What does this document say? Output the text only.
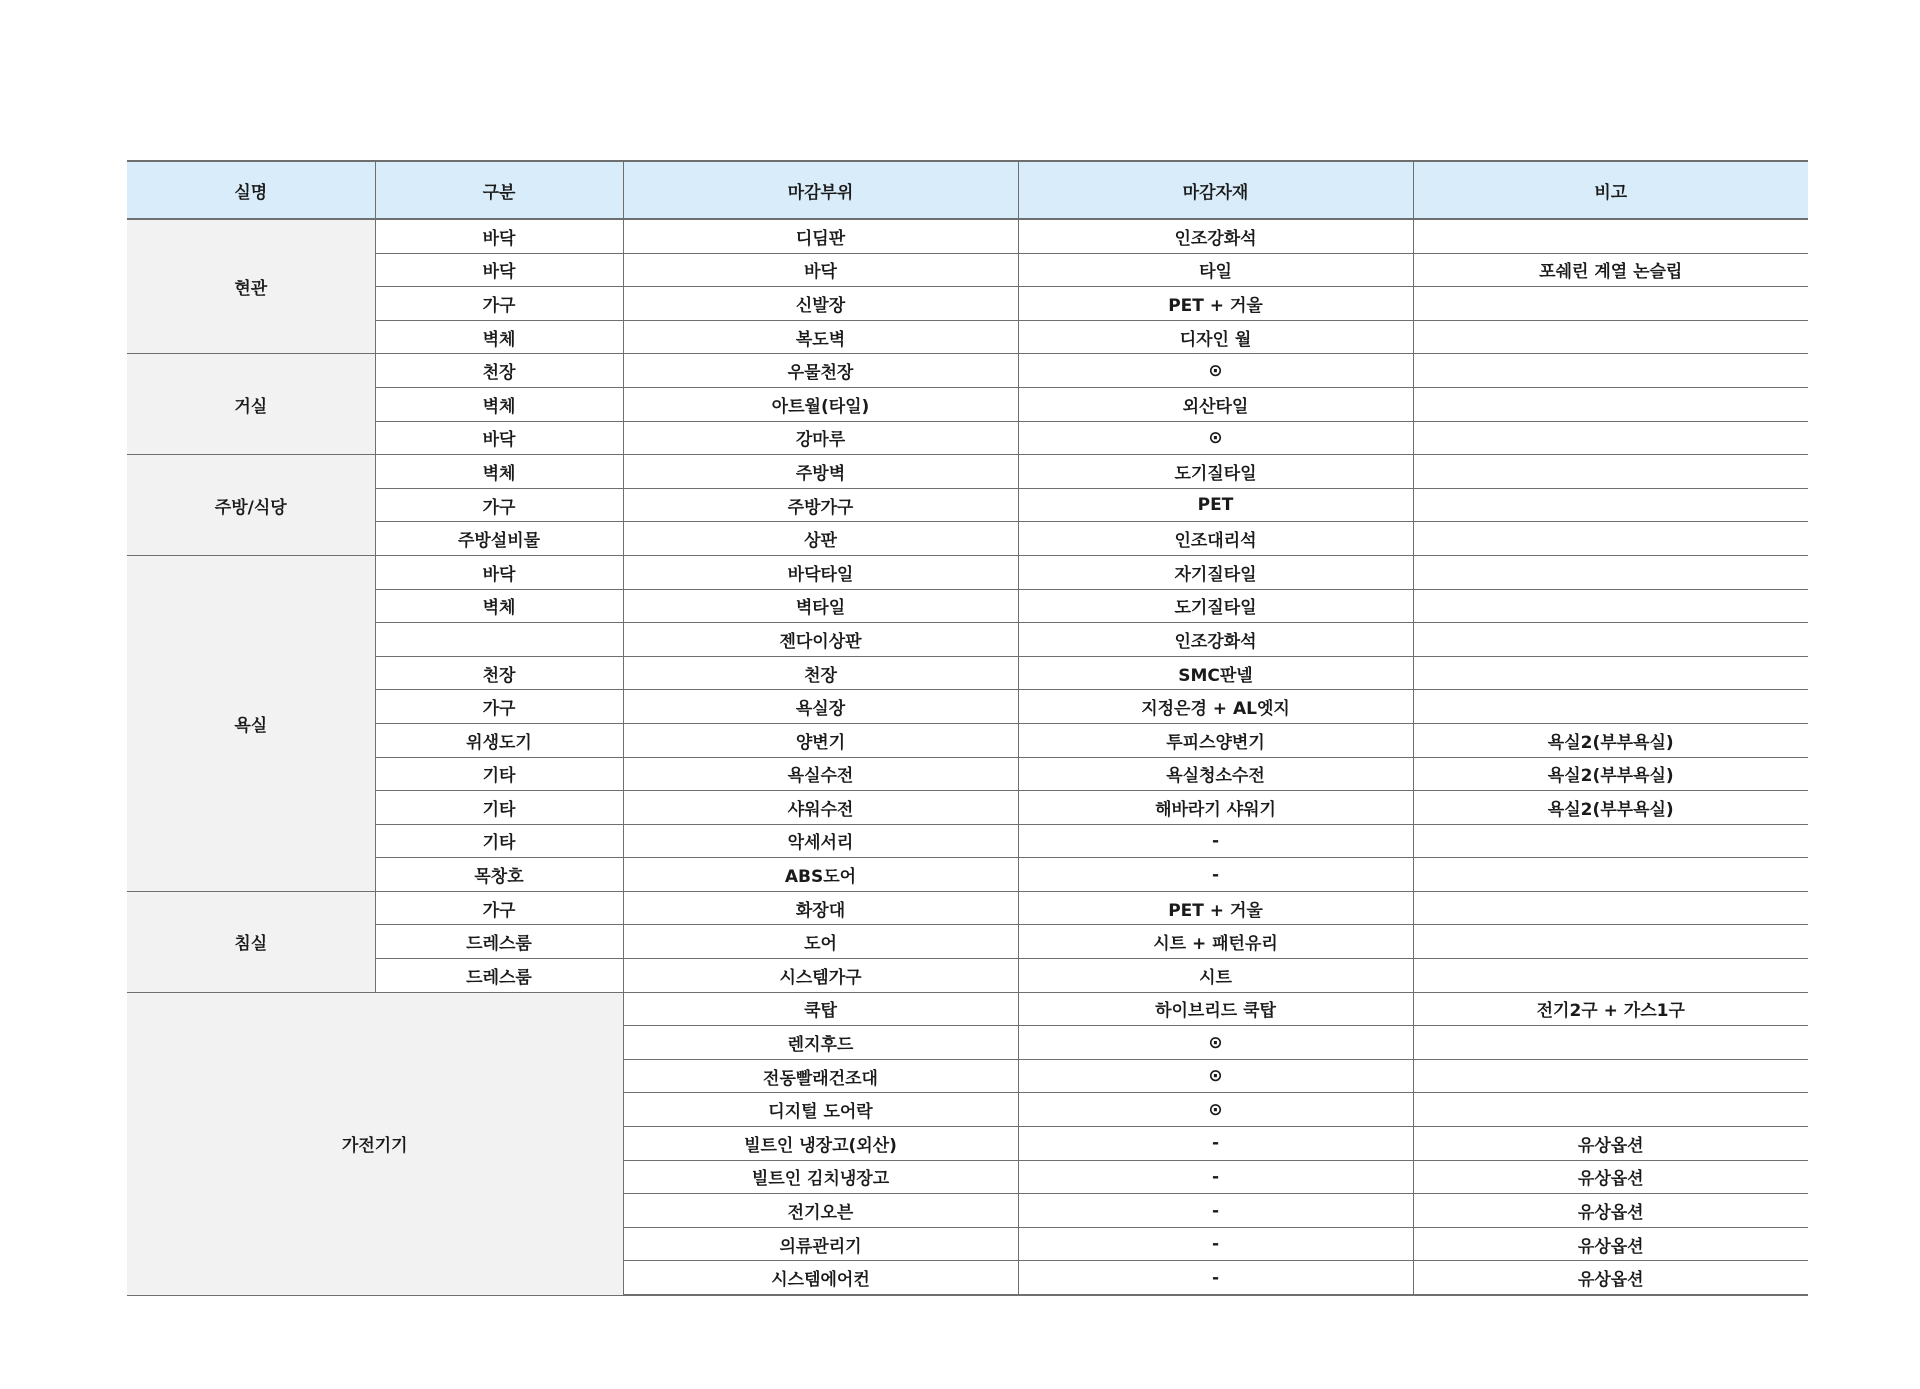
실명	구분	마감부위	마감자재	비고
현관	바닥	디딤판	인조강화석	
	바닥	바닥	타일	포쉐린 계열 논슬립
	가구	신발장	PET + 거울	
	벽체	복도벽	디자인 월	
거실	천장	우물천장	⊙	
	벽체	아트월(타일)	외산타일	
	바닥	강마루	⊙	
주방/식당	벽체	주방벽	도기질타일	
	가구	주방가구	PET	
	주방설비물	상판	인조대리석	
욕실	바닥	바닥타일	자기질타일	
	벽체	벽타일	도기질타일	
		젠다이상판	인조강화석	
	천장	천장	SMC판넬	
	가구	욕실장	지정은경 + AL엣지	
	위생도기	양변기	투피스양변기	욕실2(부부욕실)
	기타	욕실수전	욕실청소수전	욕실2(부부욕실)
	기타	샤워수전	해바라기 샤워기	욕실2(부부욕실)
	기타	악세서리	-	
	목창호	ABS도어	-	
침실	가구	화장대	PET + 거울	
	드레스룸	도어	시트 + 패턴유리	
	드레스룸	시스템가구	시트	
가전기기		쿡탑	하이브리드 쿡탑	전기2구 + 가스1구
		렌지후드	⊙	
		전동빨래건조대	⊙	
		디지털 도어락	⊙	
		빌트인 냉장고(외산)	-	유상옵션
		빌트인 김치냉장고	-	유상옵션
		전기오븐	-	유상옵션
		의류관리기	-	유상옵션
		시스템에어컨	-	유상옵션
